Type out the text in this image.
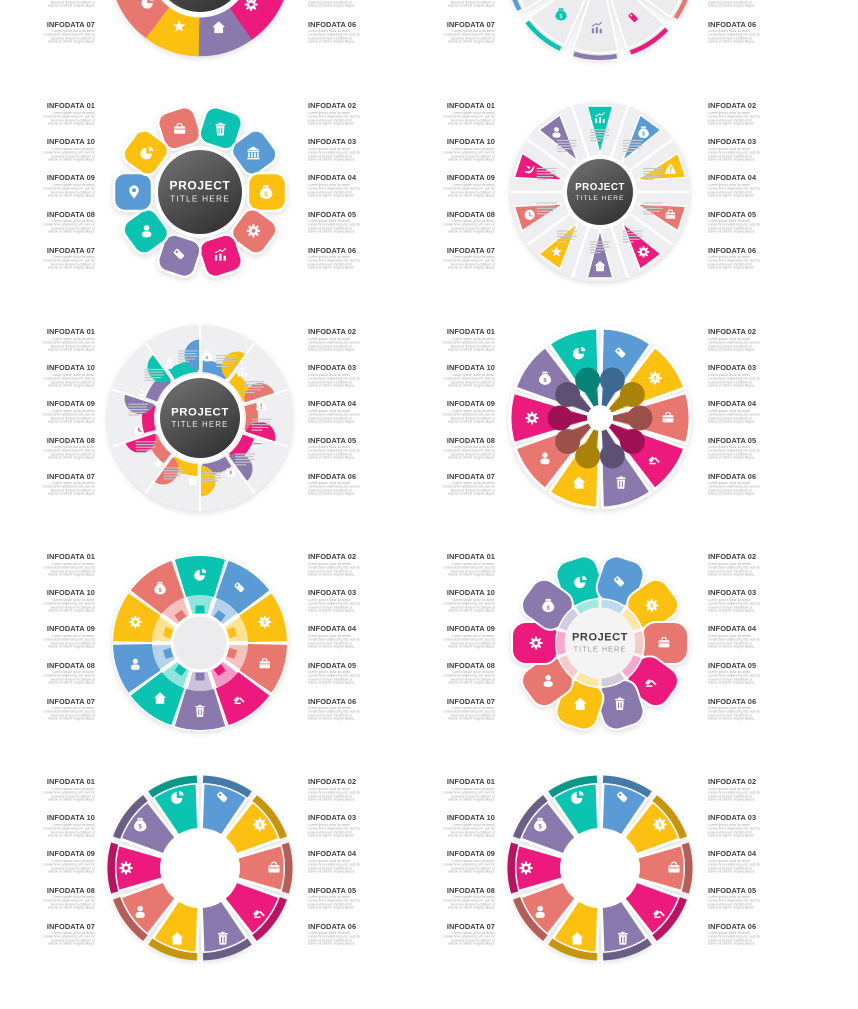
eiusmod tempor incididunt ut
labore et dolore magna aliqua.
INFODATA 07
Lorem ipsum dolor sit amet,
consectetur adipiscing elit, sed do
eiusmod tempor incididunt ut
labore et dolore magna aliqua.
eiusmod tempor incididunt ut
labore et dolore magna aliqua.
INFODATA 06
Lorem ipsum dolor sit amet,
consectetur adipiscing elit, sed do
eiusmod tempor incididunt ut
labore et dolore magna aliqua.
eiusmod tempor incididunt ut
labore et dolore magna aliqua.
INFODATA 07
Lorem ipsum dolor sit amet,
consectetur adipiscing elit, sed do
eiusmod tempor incididunt ut
labore et dolore magna aliqua.
eiusmod tempor incididunt ut
labore et dolore magna aliqua.
INFODATA 06
Lorem ipsum dolor sit amet,
consectetur adipiscing elit, sed do
eiusmod tempor incididunt ut
labore et dolore magna aliqua.
$
INFODATA 01
Lorem ipsum dolor sit amet,
consectetur adipiscing elit, sed do
eiusmod tempor incididunt ut
labore et dolore magna aliqua.
INFODATA 10
Lorem ipsum dolor sit amet,
consectetur adipiscing elit, sed do
eiusmod tempor incididunt ut
labore et dolore magna aliqua.
INFODATA 09
Lorem ipsum dolor sit amet,
consectetur adipiscing elit, sed do
eiusmod tempor incididunt ut
labore et dolore magna aliqua.
INFODATA 08
Lorem ipsum dolor sit amet,
consectetur adipiscing elit, sed do
eiusmod tempor incididunt ut
labore et dolore magna aliqua.
INFODATA 07
Lorem ipsum dolor sit amet,
consectetur adipiscing elit, sed do
eiusmod tempor incididunt ut
labore et dolore magna aliqua.
INFODATA 02
Lorem ipsum dolor sit amet,
consectetur adipiscing elit, sed do
eiusmod tempor incididunt ut
labore et dolore magna aliqua.
INFODATA 03
Lorem ipsum dolor sit amet,
consectetur adipiscing elit, sed do
eiusmod tempor incididunt ut
labore et dolore magna aliqua.
INFODATA 04
Lorem ipsum dolor sit amet,
consectetur adipiscing elit, sed do
eiusmod tempor incididunt ut
labore et dolore magna aliqua.
INFODATA 05
Lorem ipsum dolor sit amet,
consectetur adipiscing elit, sed do
eiusmod tempor incididunt ut
labore et dolore magna aliqua.
INFODATA 06
Lorem ipsum dolor sit amet,
consectetur adipiscing elit, sed do
eiusmod tempor incididunt ut
labore et dolore magna aliqua.
$
PROJECT
TITLE HERE
INFODATA 01
Lorem ipsum dolor sit amet,
consectetur adipiscing elit, sed do
eiusmod tempor incididunt ut
labore et dolore magna aliqua.
INFODATA 10
Lorem ipsum dolor sit amet,
consectetur adipiscing elit, sed do
eiusmod tempor incididunt ut
labore et dolore magna aliqua.
INFODATA 09
Lorem ipsum dolor sit amet,
consectetur adipiscing elit, sed do
eiusmod tempor incididunt ut
labore et dolore magna aliqua.
INFODATA 08
Lorem ipsum dolor sit amet,
consectetur adipiscing elit, sed do
eiusmod tempor incididunt ut
labore et dolore magna aliqua.
INFODATA 07
Lorem ipsum dolor sit amet,
consectetur adipiscing elit, sed do
eiusmod tempor incididunt ut
labore et dolore magna aliqua.
INFODATA 02
Lorem ipsum dolor sit amet,
consectetur adipiscing elit, sed do
eiusmod tempor incididunt ut
labore et dolore magna aliqua.
INFODATA 03
Lorem ipsum dolor sit amet,
consectetur adipiscing elit, sed do
eiusmod tempor incididunt ut
labore et dolore magna aliqua.
INFODATA 04
Lorem ipsum dolor sit amet,
consectetur adipiscing elit, sed do
eiusmod tempor incididunt ut
labore et dolore magna aliqua.
INFODATA 05
Lorem ipsum dolor sit amet,
consectetur adipiscing elit, sed do
eiusmod tempor incididunt ut
labore et dolore magna aliqua.
INFODATA 06
Lorem ipsum dolor sit amet,
consectetur adipiscing elit, sed do
eiusmod tempor incididunt ut
labore et dolore magna aliqua.
$
PROJECT
TITLE HERE
INFODATA 01
Lorem ipsum dolor sit amet,
consectetur adipiscing elit, sed do
eiusmod tempor incididunt ut
labore et dolore magna aliqua.
INFODATA 10
Lorem ipsum dolor sit amet,
consectetur adipiscing elit, sed do
eiusmod tempor incididunt ut
labore et dolore magna aliqua.
INFODATA 09
Lorem ipsum dolor sit amet,
consectetur adipiscing elit, sed do
eiusmod tempor incididunt ut
labore et dolore magna aliqua.
INFODATA 08
Lorem ipsum dolor sit amet,
consectetur adipiscing elit, sed do
eiusmod tempor incididunt ut
labore et dolore magna aliqua.
INFODATA 07
Lorem ipsum dolor sit amet,
consectetur adipiscing elit, sed do
eiusmod tempor incididunt ut
labore et dolore magna aliqua.
INFODATA 02
Lorem ipsum dolor sit amet,
consectetur adipiscing elit, sed do
eiusmod tempor incididunt ut
labore et dolore magna aliqua.
INFODATA 03
Lorem ipsum dolor sit amet,
consectetur adipiscing elit, sed do
eiusmod tempor incididunt ut
labore et dolore magna aliqua.
INFODATA 04
Lorem ipsum dolor sit amet,
consectetur adipiscing elit, sed do
eiusmod tempor incididunt ut
labore et dolore magna aliqua.
INFODATA 05
Lorem ipsum dolor sit amet,
consectetur adipiscing elit, sed do
eiusmod tempor incididunt ut
labore et dolore magna aliqua.
INFODATA 06
Lorem ipsum dolor sit amet,
consectetur adipiscing elit, sed do
eiusmod tempor incididunt ut
labore et dolore magna aliqua.
$
$
PROJECT
TITLE HERE
INFODATA 01
Lorem ipsum dolor sit amet,
consectetur adipiscing elit, sed do
eiusmod tempor incididunt ut
labore et dolore magna aliqua.
INFODATA 10
Lorem ipsum dolor sit amet,
consectetur adipiscing elit, sed do
eiusmod tempor incididunt ut
labore et dolore magna aliqua.
INFODATA 09
Lorem ipsum dolor sit amet,
consectetur adipiscing elit, sed do
eiusmod tempor incididunt ut
labore et dolore magna aliqua.
INFODATA 08
Lorem ipsum dolor sit amet,
consectetur adipiscing elit, sed do
eiusmod tempor incididunt ut
labore et dolore magna aliqua.
INFODATA 07
Lorem ipsum dolor sit amet,
consectetur adipiscing elit, sed do
eiusmod tempor incididunt ut
labore et dolore magna aliqua.
INFODATA 02
Lorem ipsum dolor sit amet,
consectetur adipiscing elit, sed do
eiusmod tempor incididunt ut
labore et dolore magna aliqua.
INFODATA 03
Lorem ipsum dolor sit amet,
consectetur adipiscing elit, sed do
eiusmod tempor incididunt ut
labore et dolore magna aliqua.
INFODATA 04
Lorem ipsum dolor sit amet,
consectetur adipiscing elit, sed do
eiusmod tempor incididunt ut
labore et dolore magna aliqua.
INFODATA 05
Lorem ipsum dolor sit amet,
consectetur adipiscing elit, sed do
eiusmod tempor incididunt ut
labore et dolore magna aliqua.
INFODATA 06
Lorem ipsum dolor sit amet,
consectetur adipiscing elit, sed do
eiusmod tempor incididunt ut
labore et dolore magna aliqua.
$
$
INFODATA 01
Lorem ipsum dolor sit amet,
consectetur adipiscing elit, sed do
eiusmod tempor incididunt ut
labore et dolore magna aliqua.
INFODATA 10
Lorem ipsum dolor sit amet,
consectetur adipiscing elit, sed do
eiusmod tempor incididunt ut
labore et dolore magna aliqua.
INFODATA 09
Lorem ipsum dolor sit amet,
consectetur adipiscing elit, sed do
eiusmod tempor incididunt ut
labore et dolore magna aliqua.
INFODATA 08
Lorem ipsum dolor sit amet,
consectetur adipiscing elit, sed do
eiusmod tempor incididunt ut
labore et dolore magna aliqua.
INFODATA 07
Lorem ipsum dolor sit amet,
consectetur adipiscing elit, sed do
eiusmod tempor incididunt ut
labore et dolore magna aliqua.
INFODATA 02
Lorem ipsum dolor sit amet,
consectetur adipiscing elit, sed do
eiusmod tempor incididunt ut
labore et dolore magna aliqua.
INFODATA 03
Lorem ipsum dolor sit amet,
consectetur adipiscing elit, sed do
eiusmod tempor incididunt ut
labore et dolore magna aliqua.
INFODATA 04
Lorem ipsum dolor sit amet,
consectetur adipiscing elit, sed do
eiusmod tempor incididunt ut
labore et dolore magna aliqua.
INFODATA 05
Lorem ipsum dolor sit amet,
consectetur adipiscing elit, sed do
eiusmod tempor incididunt ut
labore et dolore magna aliqua.
INFODATA 06
Lorem ipsum dolor sit amet,
consectetur adipiscing elit, sed do
eiusmod tempor incididunt ut
labore et dolore magna aliqua.
$
$
INFODATA 01
Lorem ipsum dolor sit amet,
consectetur adipiscing elit, sed do
eiusmod tempor incididunt ut
labore et dolore magna aliqua.
INFODATA 10
Lorem ipsum dolor sit amet,
consectetur adipiscing elit, sed do
eiusmod tempor incididunt ut
labore et dolore magna aliqua.
INFODATA 09
Lorem ipsum dolor sit amet,
consectetur adipiscing elit, sed do
eiusmod tempor incididunt ut
labore et dolore magna aliqua.
INFODATA 08
Lorem ipsum dolor sit amet,
consectetur adipiscing elit, sed do
eiusmod tempor incididunt ut
labore et dolore magna aliqua.
INFODATA 07
Lorem ipsum dolor sit amet,
consectetur adipiscing elit, sed do
eiusmod tempor incididunt ut
labore et dolore magna aliqua.
INFODATA 02
Lorem ipsum dolor sit amet,
consectetur adipiscing elit, sed do
eiusmod tempor incididunt ut
labore et dolore magna aliqua.
INFODATA 03
Lorem ipsum dolor sit amet,
consectetur adipiscing elit, sed do
eiusmod tempor incididunt ut
labore et dolore magna aliqua.
INFODATA 04
Lorem ipsum dolor sit amet,
consectetur adipiscing elit, sed do
eiusmod tempor incididunt ut
labore et dolore magna aliqua.
INFODATA 05
Lorem ipsum dolor sit amet,
consectetur adipiscing elit, sed do
eiusmod tempor incididunt ut
labore et dolore magna aliqua.
INFODATA 06
Lorem ipsum dolor sit amet,
consectetur adipiscing elit, sed do
eiusmod tempor incididunt ut
labore et dolore magna aliqua.
$
$
PROJECT
TITLE HERE
INFODATA 01
Lorem ipsum dolor sit amet,
consectetur adipiscing elit, sed do
eiusmod tempor incididunt ut
labore et dolore magna aliqua.
INFODATA 10
Lorem ipsum dolor sit amet,
consectetur adipiscing elit, sed do
eiusmod tempor incididunt ut
labore et dolore magna aliqua.
INFODATA 09
Lorem ipsum dolor sit amet,
consectetur adipiscing elit, sed do
eiusmod tempor incididunt ut
labore et dolore magna aliqua.
INFODATA 08
Lorem ipsum dolor sit amet,
consectetur adipiscing elit, sed do
eiusmod tempor incididunt ut
labore et dolore magna aliqua.
INFODATA 07
Lorem ipsum dolor sit amet,
consectetur adipiscing elit, sed do
eiusmod tempor incididunt ut
labore et dolore magna aliqua.
INFODATA 02
Lorem ipsum dolor sit amet,
consectetur adipiscing elit, sed do
eiusmod tempor incididunt ut
labore et dolore magna aliqua.
INFODATA 03
Lorem ipsum dolor sit amet,
consectetur adipiscing elit, sed do
eiusmod tempor incididunt ut
labore et dolore magna aliqua.
INFODATA 04
Lorem ipsum dolor sit amet,
consectetur adipiscing elit, sed do
eiusmod tempor incididunt ut
labore et dolore magna aliqua.
INFODATA 05
Lorem ipsum dolor sit amet,
consectetur adipiscing elit, sed do
eiusmod tempor incididunt ut
labore et dolore magna aliqua.
INFODATA 06
Lorem ipsum dolor sit amet,
consectetur adipiscing elit, sed do
eiusmod tempor incididunt ut
labore et dolore magna aliqua.
$
$
INFODATA 01
Lorem ipsum dolor sit amet,
consectetur adipiscing elit, sed do
eiusmod tempor incididunt ut
labore et dolore magna aliqua.
INFODATA 10
Lorem ipsum dolor sit amet,
consectetur adipiscing elit, sed do
eiusmod tempor incididunt ut
labore et dolore magna aliqua.
INFODATA 09
Lorem ipsum dolor sit amet,
consectetur adipiscing elit, sed do
eiusmod tempor incididunt ut
labore et dolore magna aliqua.
INFODATA 08
Lorem ipsum dolor sit amet,
consectetur adipiscing elit, sed do
eiusmod tempor incididunt ut
labore et dolore magna aliqua.
INFODATA 07
Lorem ipsum dolor sit amet,
consectetur adipiscing elit, sed do
eiusmod tempor incididunt ut
labore et dolore magna aliqua.
INFODATA 02
Lorem ipsum dolor sit amet,
consectetur adipiscing elit, sed do
eiusmod tempor incididunt ut
labore et dolore magna aliqua.
INFODATA 03
Lorem ipsum dolor sit amet,
consectetur adipiscing elit, sed do
eiusmod tempor incididunt ut
labore et dolore magna aliqua.
INFODATA 04
Lorem ipsum dolor sit amet,
consectetur adipiscing elit, sed do
eiusmod tempor incididunt ut
labore et dolore magna aliqua.
INFODATA 05
Lorem ipsum dolor sit amet,
consectetur adipiscing elit, sed do
eiusmod tempor incididunt ut
labore et dolore magna aliqua.
INFODATA 06
Lorem ipsum dolor sit amet,
consectetur adipiscing elit, sed do
eiusmod tempor incididunt ut
labore et dolore magna aliqua.
$
$
